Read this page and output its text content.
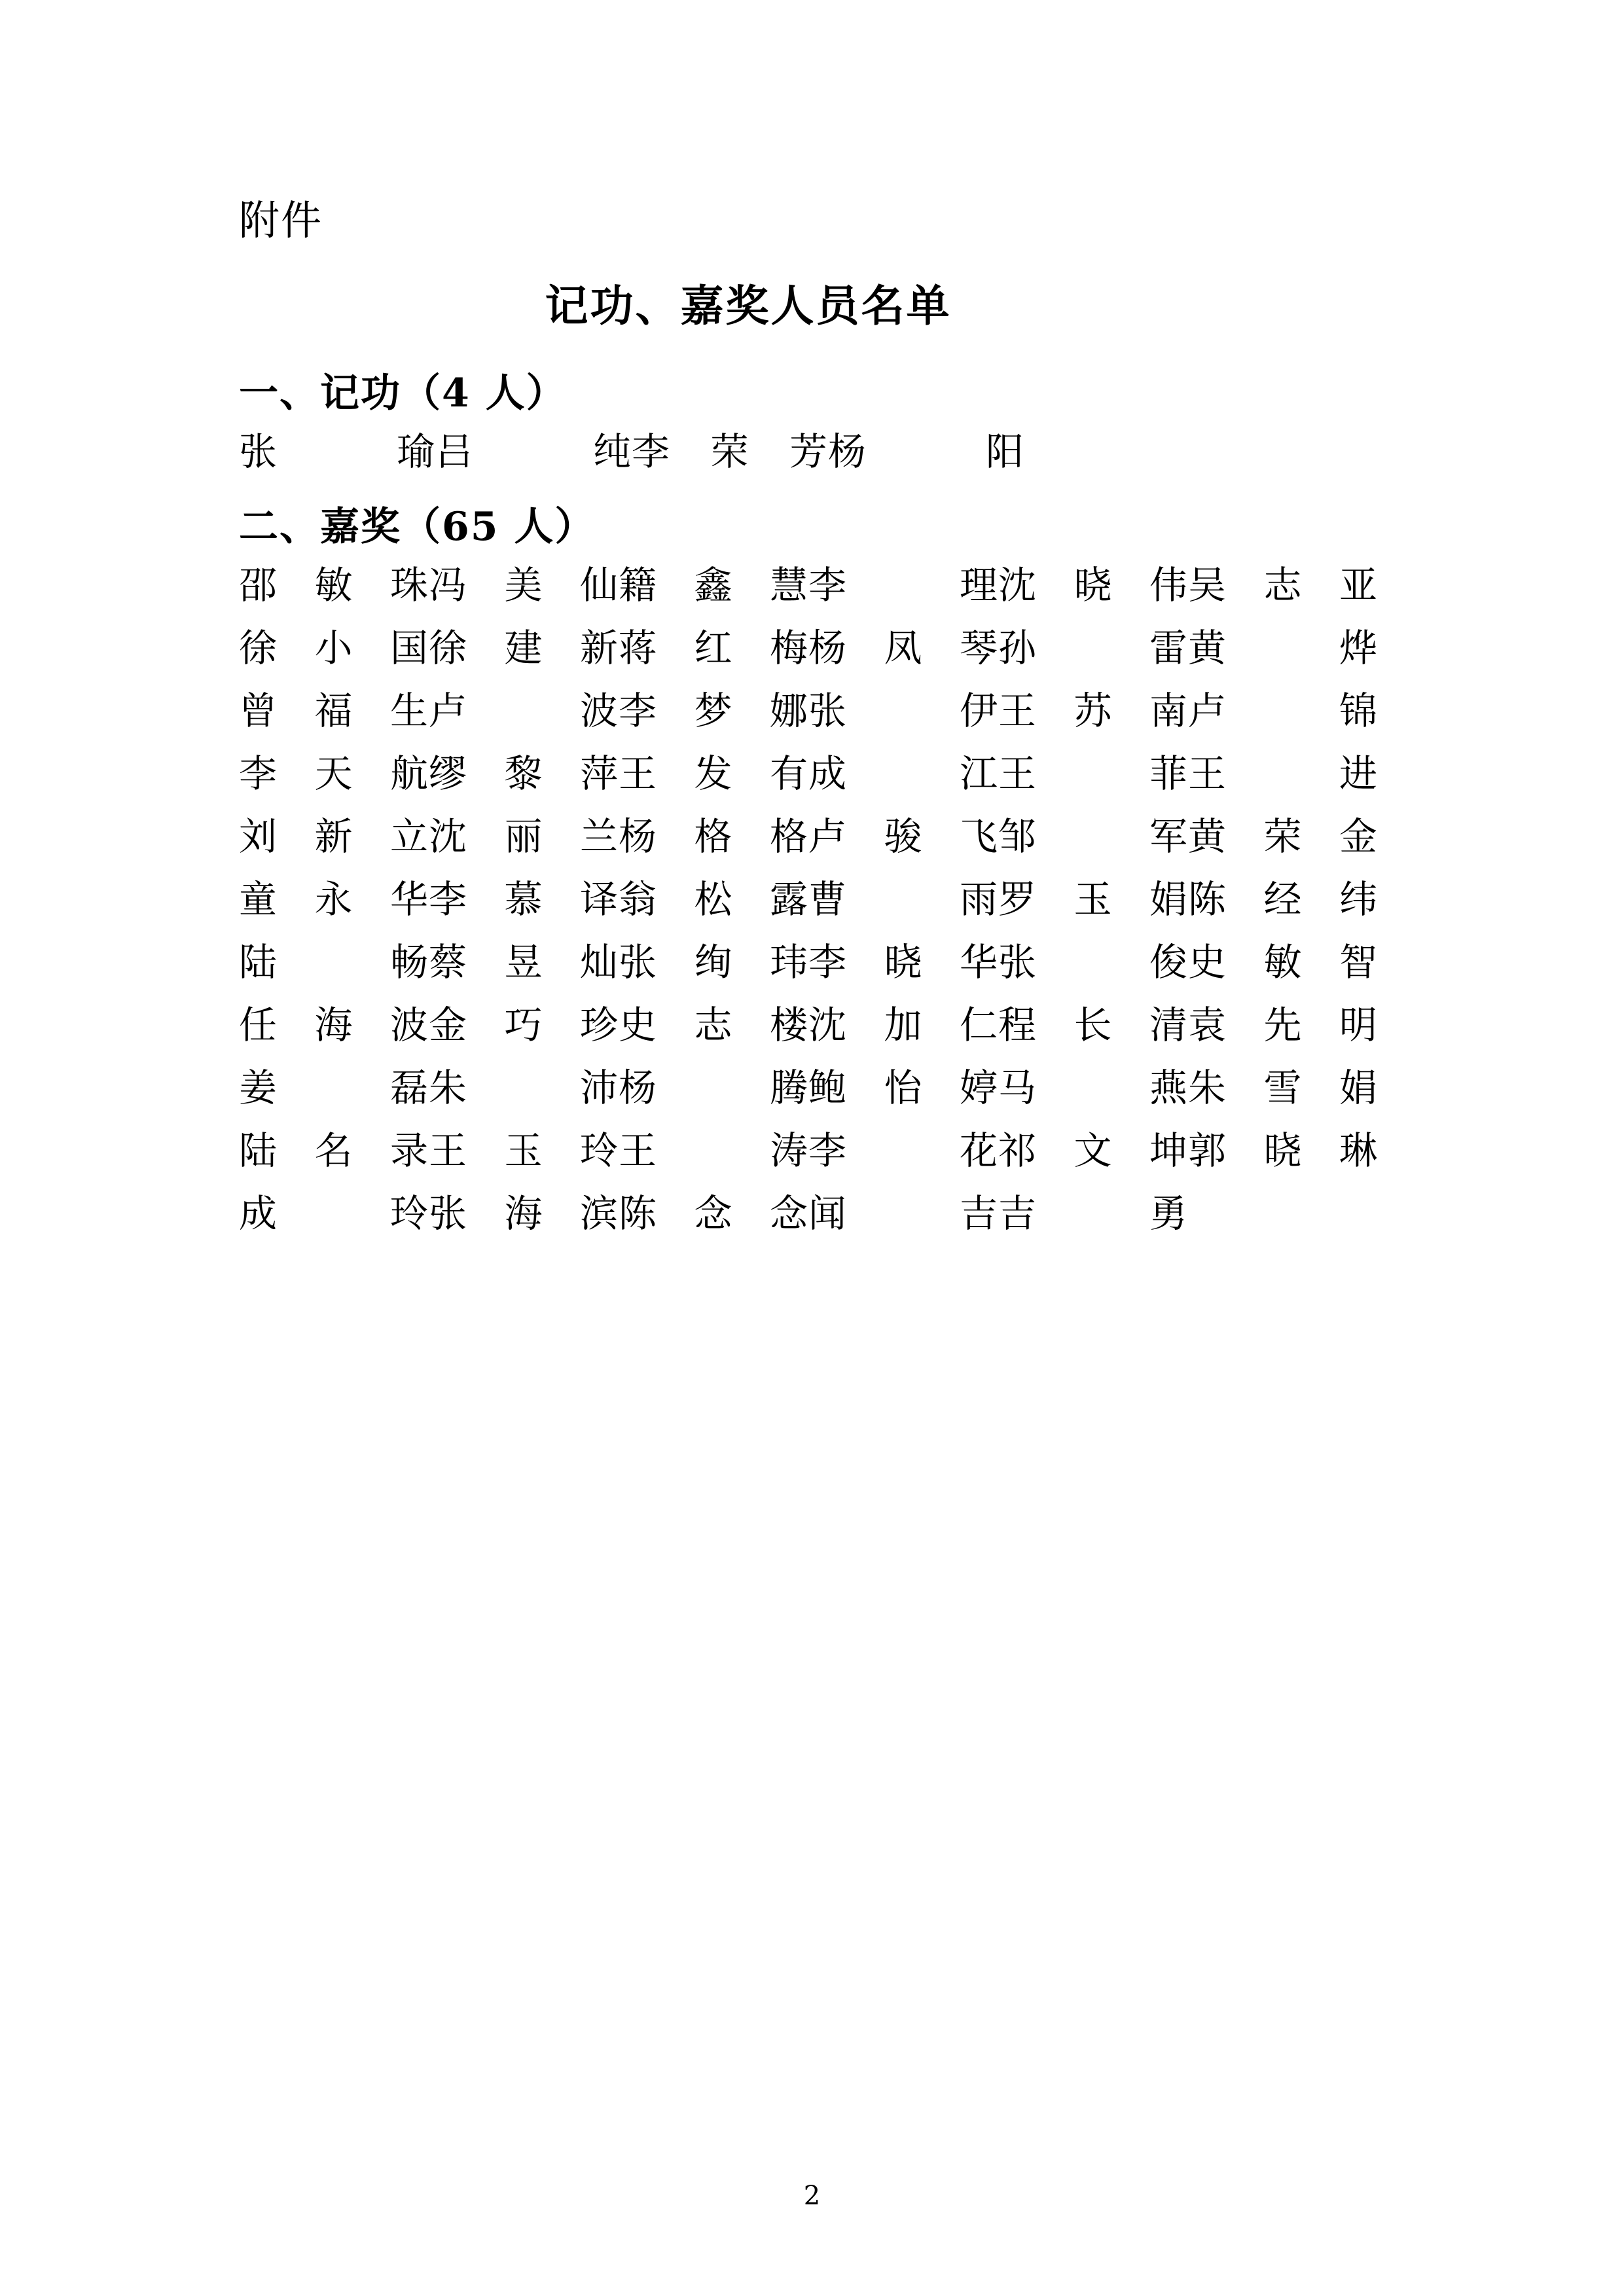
附件
记功、嘉奖人员名单
一、记功（4 人）
张　瑜 吕　纯 李荣芳 杨　阳
二、嘉奖（65 人）
邵敏珠 冯美仙 籍鑫慧 李　理 沈晓伟 吴志亚
徐小国 徐建新 蒋红梅 杨凤琴 孙　雷 黄　烨
曾福生 卢　波 李梦娜 张　伊 王苏南 卢　锦
李天航 缪黎萍 王发有 成　江 王　菲 王　进
刘新立 沈丽兰 杨格格 卢骏飞 邹　军 黄荣金
童永华 李慕译 翁松露 曹　雨 罗玉娟 陈经纬
陆　畅 蔡昱灿 张绚玮 李晓华 张　俊 史敏智
任海波 金巧珍 史志楼 沈加仁 程长清 袁先明
姜　磊 朱　沛 杨　腾 鲍怡婷 马　燕 朱雪娟
陆名录 王玉玲 王　涛 李　花 祁文坤 郭晓琳
成　玲 张海滨 陈念念 闻　吉 吉　勇
2
